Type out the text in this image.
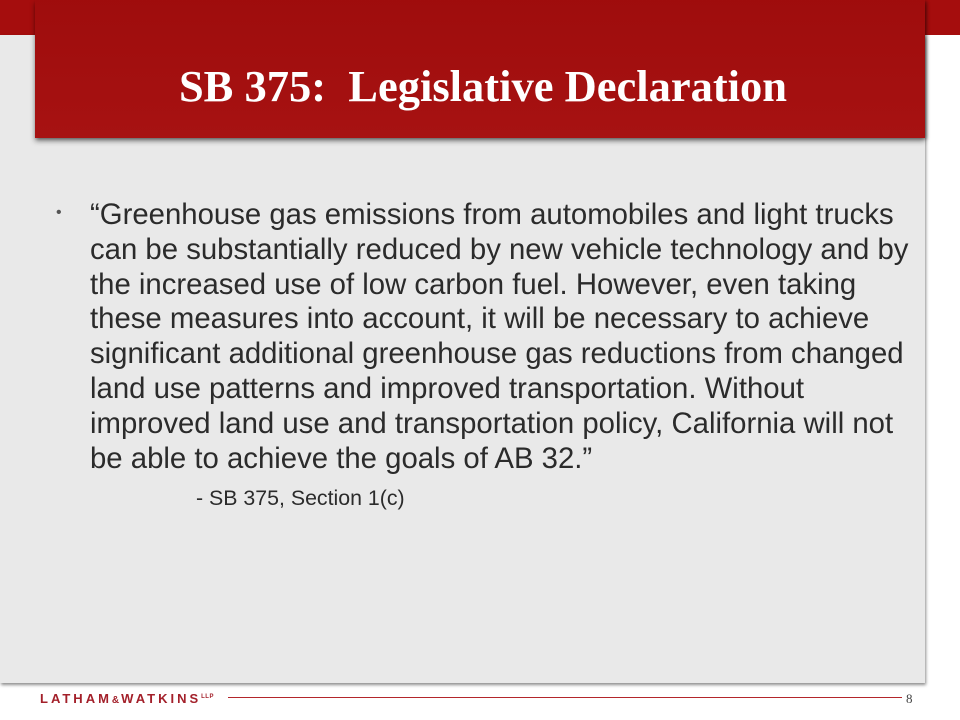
SB 375:  Legislative Declaration
• “Greenhouse gas emissions from automobiles and light trucks
can be substantially reduced by new vehicle technology and by
the increased use of low carbon fuel. However, even taking
these measures into account, it will be necessary to achieve
significant additional greenhouse gas reductions from changed
land use patterns and improved transportation. Without
improved land use and transportation policy, California will not
be able to achieve the goals of AB 32.”
- SB 375, Section 1(c)
$LATHAM\&WATKINS^{LLP}$	8
